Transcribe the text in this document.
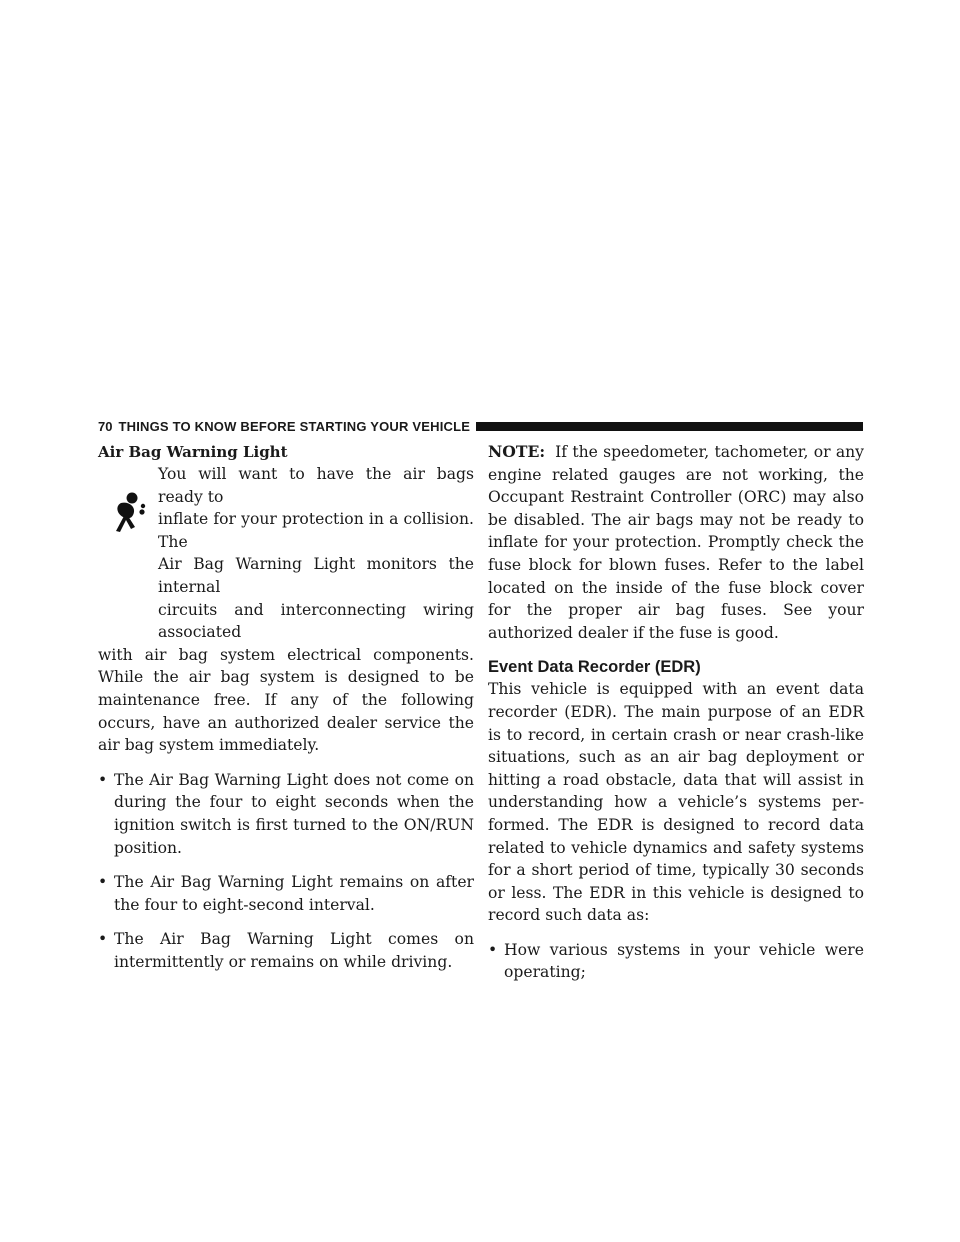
70 THINGS TO KNOW BEFORE STARTING YOUR VEHICLE
Air Bag Warning Light

You will want to have the air bags ready to

inflate for your protection in a collision. The

Air Bag Warning Light monitors the internal

circuits and interconnecting wiring associated

with air bag system electrical components. While the air bag system is designed to be maintenance free. If any of the following occurs, have an authorized dealer service the air bag system immediately.

• The Air Bag Warning Light does not come on during the four to eight seconds when the ignition switch is first turned to the ON/RUN position.
• The Air Bag Warning Light remains on after the four to eight-second interval.
• The Air Bag Warning Light comes on intermittently or remains on while driving.

NOTE: If the speedometer, tachometer, or any engine related gauges are not working, the Occupant Restraint Controller (ORC) may also be disabled. The air bags may not be ready to inflate for your protection. Promptly check the fuse block for blown fuses. Refer to the label located on the inside of the fuse block cover for the proper air bag fuses. See your authorized dealer if the fuse is good.

Event Data Recorder (EDR)

This vehicle is equipped with an event data recorder (EDR). The main purpose of an EDR is to record, in certain crash or near crash-like situations, such as an air bag deployment or hitting a road obstacle, data that will assist in understanding how a vehicle’s systems per-formed. The EDR is designed to record data related to vehicle dynamics and safety systems for a short period of time, typically 30 seconds or less. The EDR in this vehicle is designed to record such data as:

• How various systems in your vehicle were operating;
